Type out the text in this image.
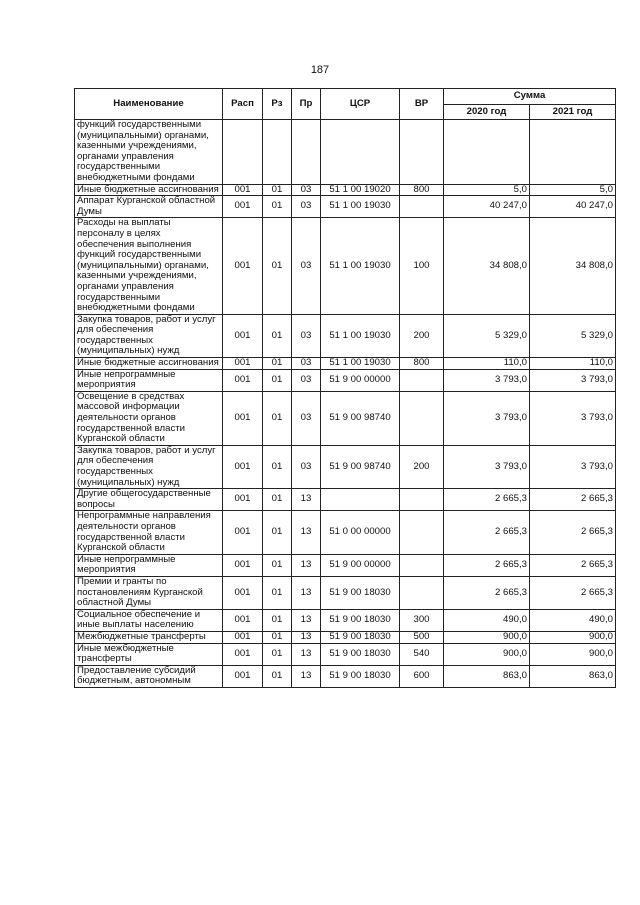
187
Наименование	Расп	Рз	Пр	ЦСР	ВР	Сумма	
						2020 год	2021 год
функций государственными (муниципальными) органами, казенными учреждениями, органами управления государственными внебюджетными фондами							
Иные бюджетные ассигнования	001	01	03	51 1 00 19020	800	5,0	5,0
Аппарат Курганской областной Думы	001	01	03	51 1 00 19030		40 247,0	40 247,0
Расходы на выплаты персоналу в целях обеспечения выполнения функций государственными (муниципальными) органами, казенными учреждениями, органами управления государственными внебюджетными фондами	001	01	03	51 1 00 19030	100	34 808,0	34 808,0
Закупка товаров, работ и услуг для обеспечения государственных (муниципальных) нужд	001	01	03	51 1 00 19030	200	5 329,0	5 329,0
Иные бюджетные ассигнования	001	01	03	51 1 00 19030	800	110,0	110,0
Иные непрограммные мероприятия	001	01	03	51 9 00 00000		3 793,0	3 793,0
Освещение в средствах массовой информации деятельности органов государственной власти Курганской области	001	01	03	51 9 00 98740		3 793,0	3 793,0
Закупка товаров, работ и услуг для обеспечения государственных (муниципальных) нужд	001	01	03	51 9 00 98740	200	3 793,0	3 793,0
Другие общегосударственные вопросы	001	01	13			2 665,3	2 665,3
Непрограммные направления деятельности органов государственной власти Курганской области	001	01	13	51 0 00 00000		2 665,3	2 665,3
Иные непрограммные мероприятия	001	01	13	51 9 00 00000		2 665,3	2 665,3
Премии и гранты по постановлениям Курганской областной Думы	001	01	13	51 9 00 18030		2 665,3	2 665,3
Социальное обеспечение и иные выплаты населению	001	01	13	51 9 00 18030	300	490,0	490,0
Межбюджетные трансферты	001	01	13	51 9 00 18030	500	900,0	900,0
Иные межбюджетные трансферты	001	01	13	51 9 00 18030	540	900,0	900,0
Предоставление субсидий бюджетным, автономным	001	01	13	51 9 00 18030	600	863,0	863,0
